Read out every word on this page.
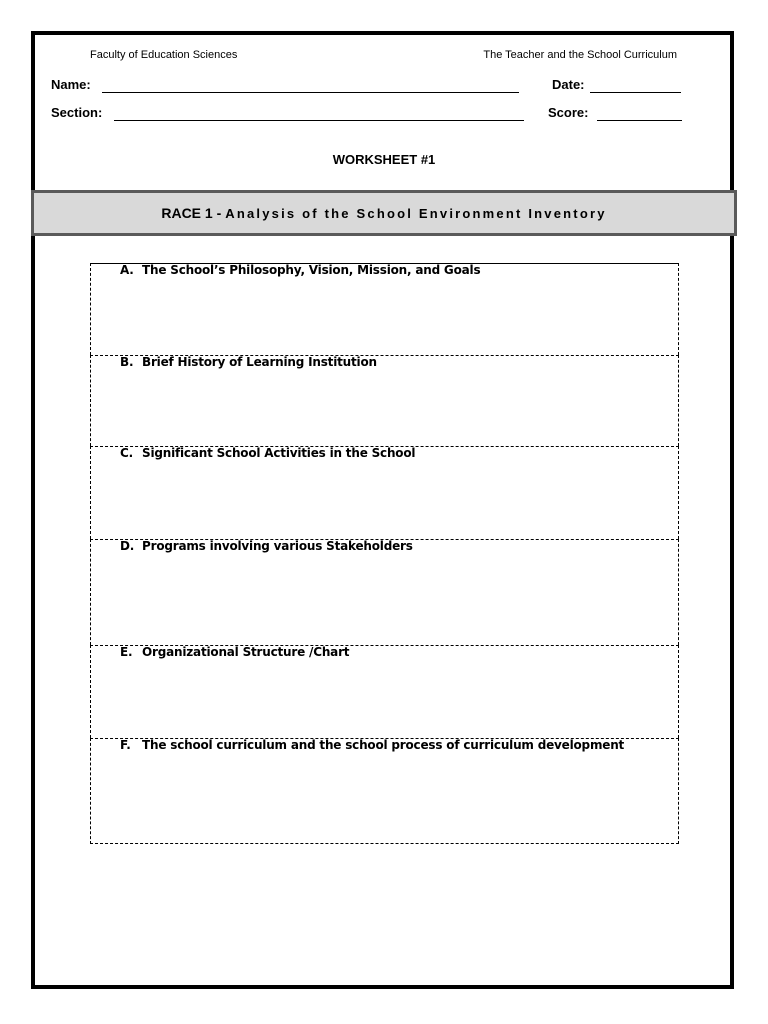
Faculty of Education Sciences	The Teacher and the School Curriculum
Name:	Date:
Section:	Score:
WORKSHEET #1
RACE 1 - Analysis of the School Environment Inventory
A. The School’s Philosophy, Vision, Mission, and Goals
B. Brief History of Learning Institution
C. Significant School Activities in the School
D. Programs involving various Stakeholders
E. Organizational Structure /Chart
F. The school curriculum and the school process of curriculum development
